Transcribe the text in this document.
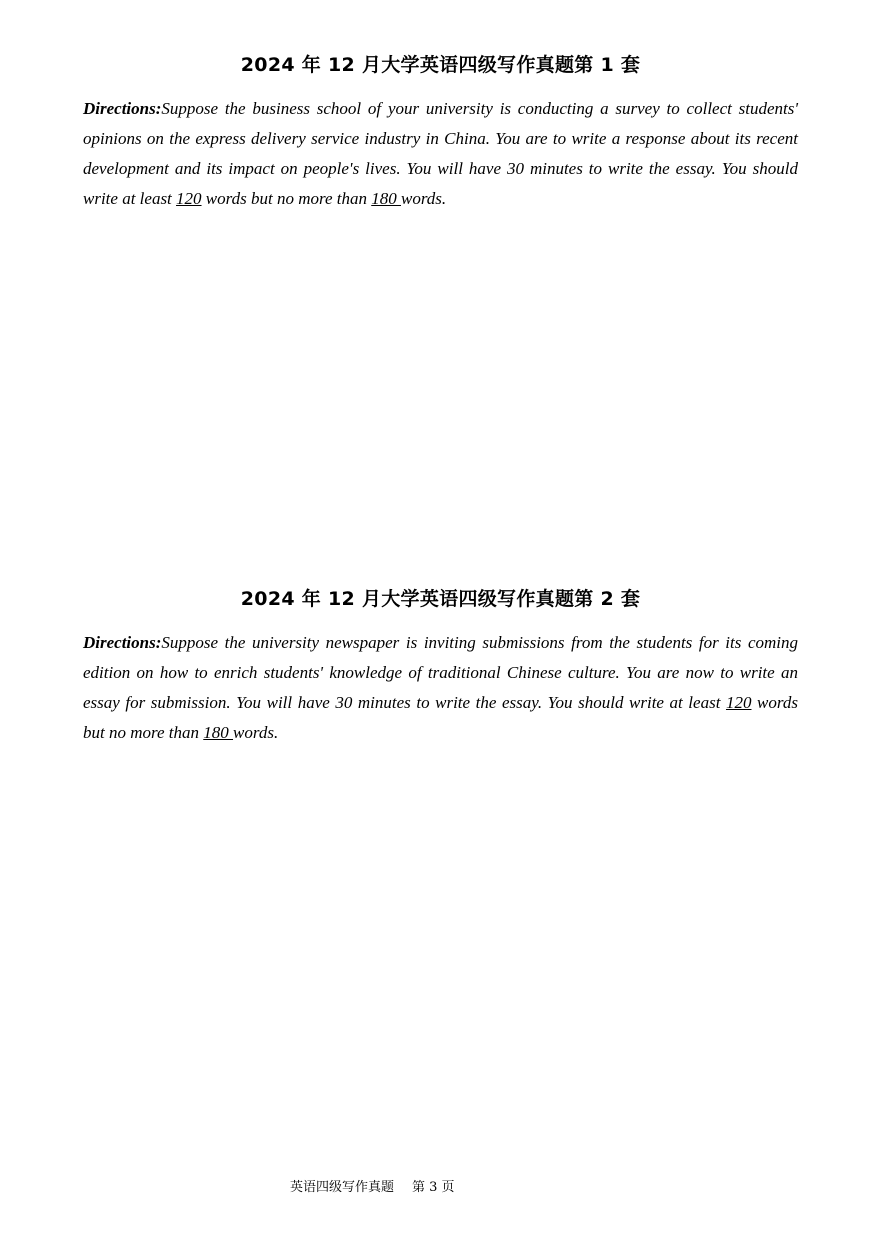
2024 年 12 月大学英语四级写作真题第 1 套

Directions:Suppose the business school of your university is conducting a survey to collect students' opinions on the express delivery service industry in China. You are to write a response about its recent development and its impact on people's lives. You will have 30 minutes to write the essay. You should write at least 120 words but no more than 180 words.

2024 年 12 月大学英语四级写作真题第 2 套

Directions:Suppose the university newspaper is inviting submissions from the students for its coming edition on how to enrich students' knowledge of traditional Chinese culture. You are now to write an essay for submission. You will have 30 minutes to write the essay. You should write at least 120 words but no more than 180 words.

英语四级写作真题 第 3 页
